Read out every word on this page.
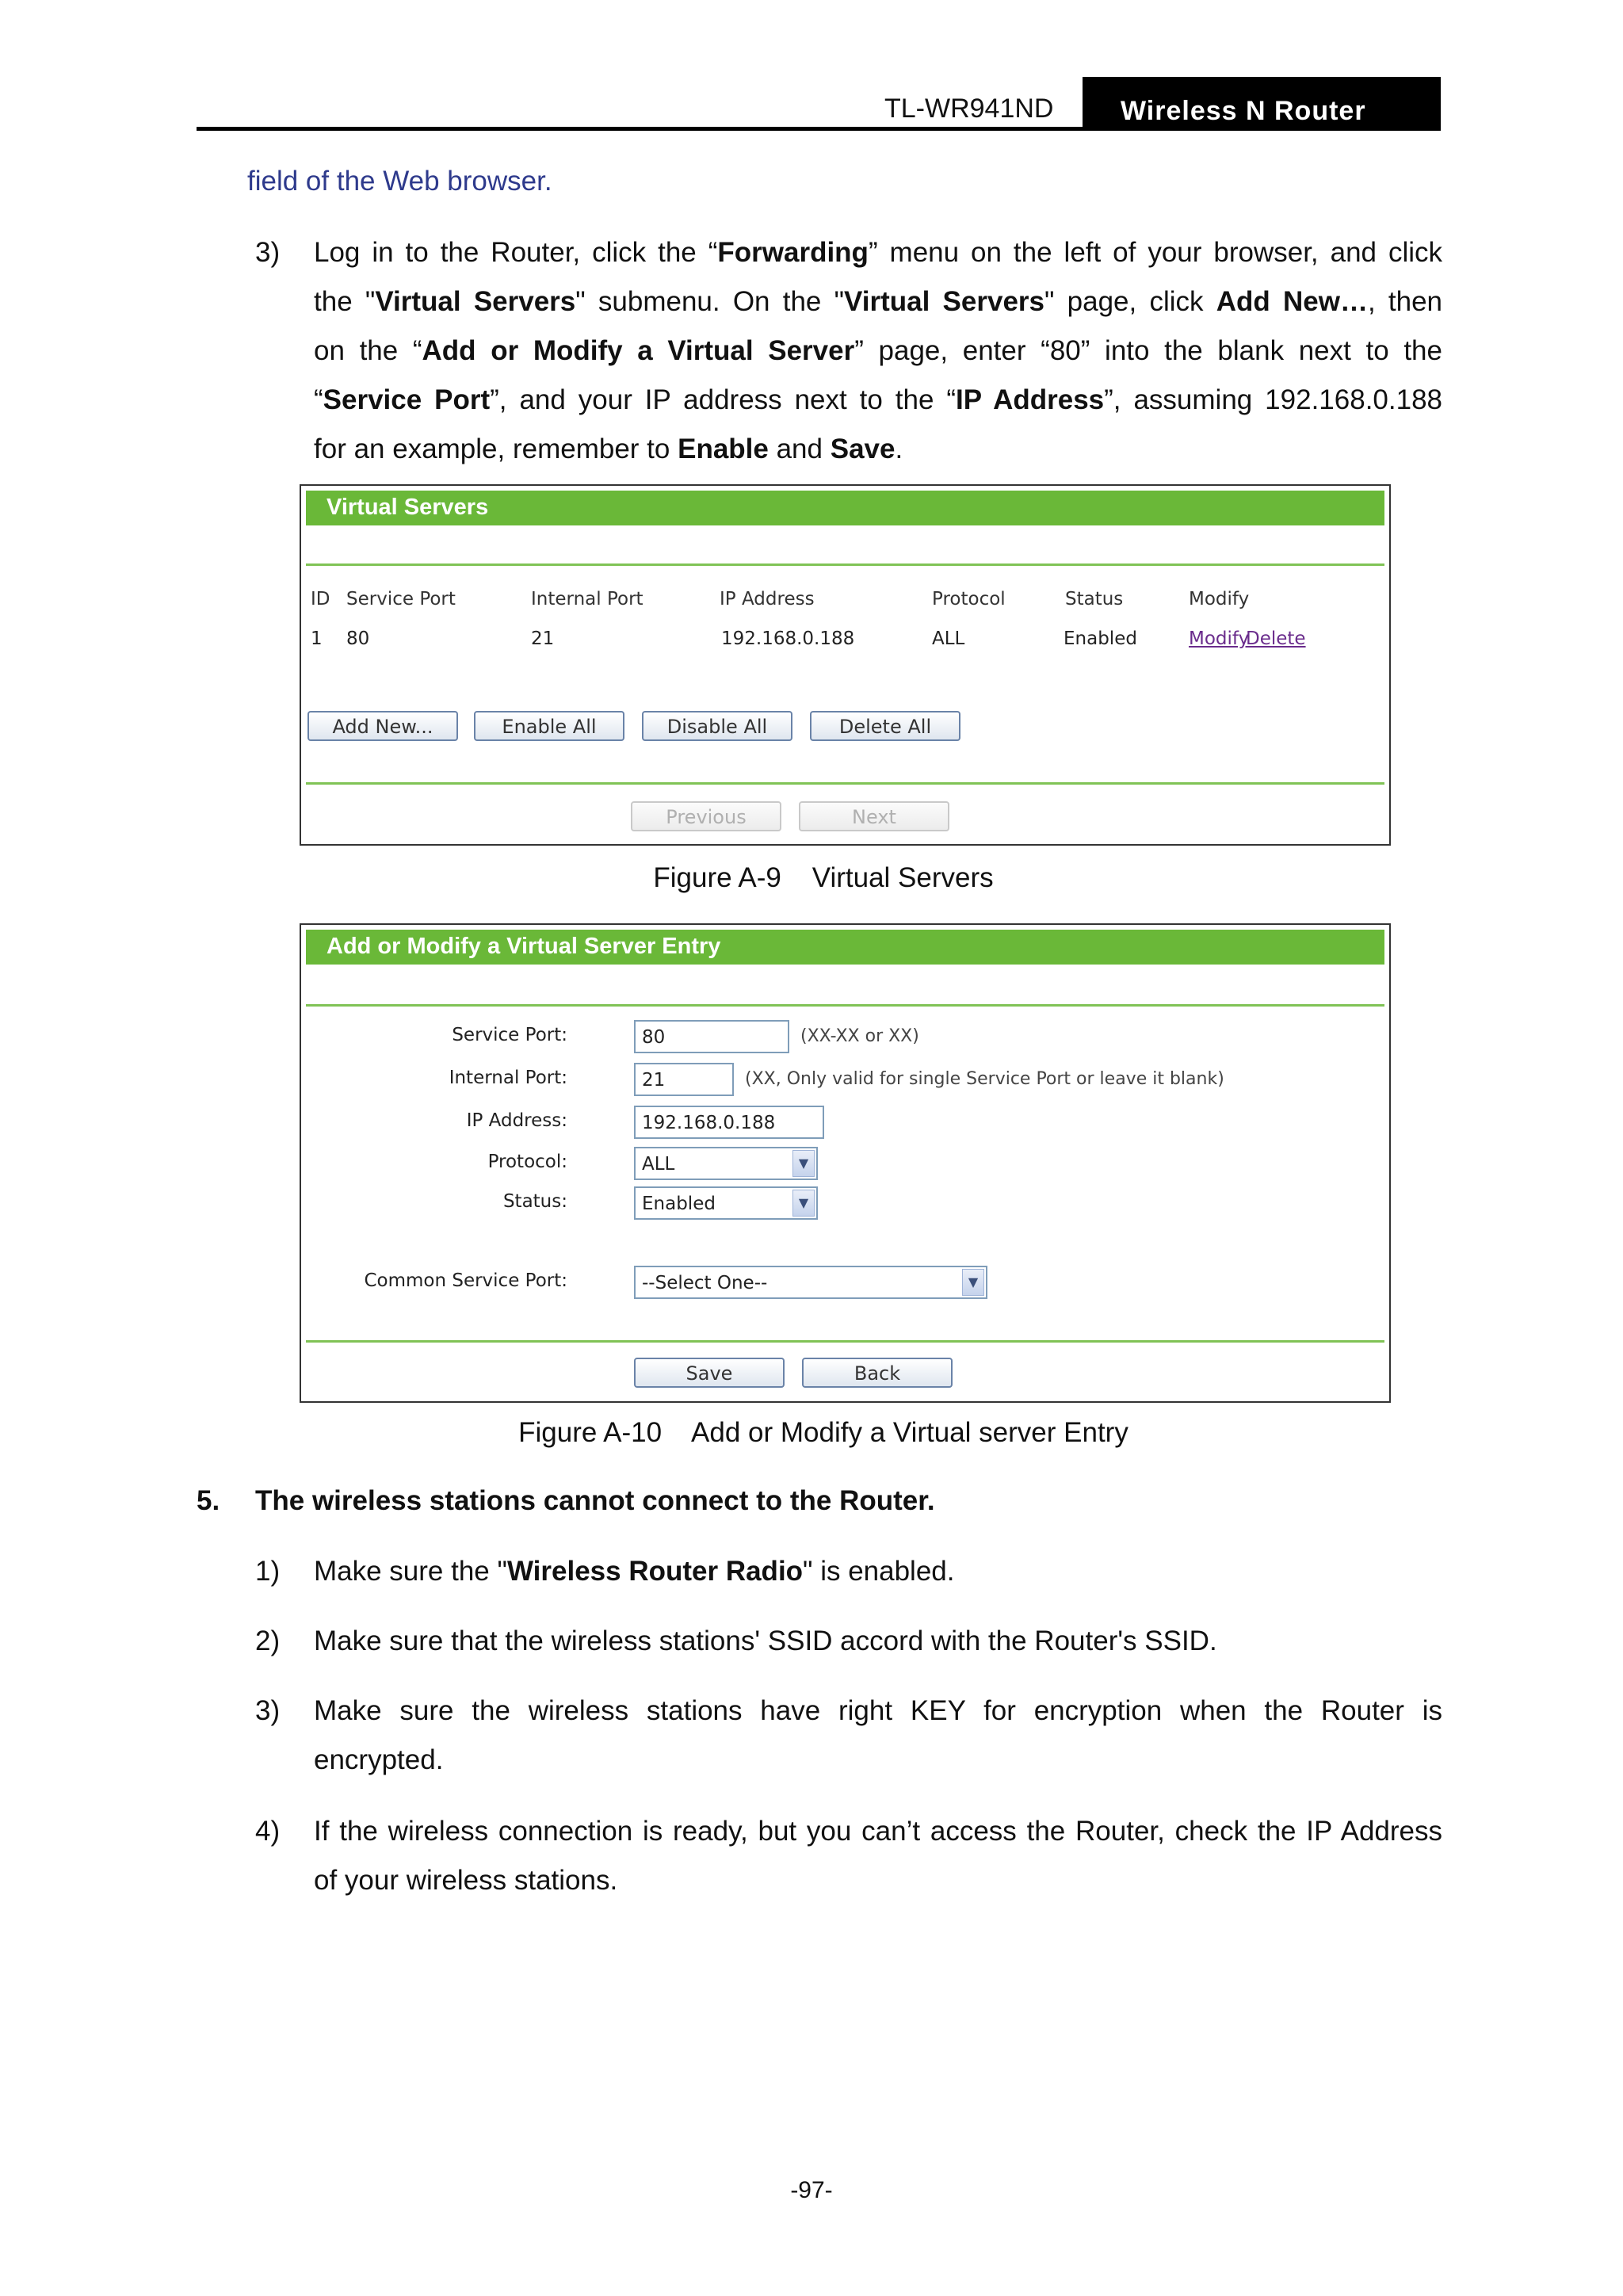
TL-WR941ND	Wireless N Router
field of the Web browser.
3) Log in to the Router, click the “Forwarding” menu on the left of your browser, and click
the "Virtual Servers" submenu. On the "Virtual Servers" page, click Add New…, then
on the “Add or Modify a Virtual Server” page, enter “80” into the blank next to the
“Service Port”, and your IP address next to the “IP Address”, assuming 192.168.0.188
for an example, remember to Enable and Save.
Virtual Servers
ID Service Port	Internal Port	IP Address	Protocol	Status	Modify
1 80	21	192.168.0.188	ALL	Enabled	Modify
Delete
Add New...	Enable All	Disable All	Delete All
Previous	Next
Figure A-9    Virtual Servers
Add or Modify a Virtual Server Entry
Service Port:	80	(XX-XX or XX)
Internal Port:	21	(XX, Only valid for single Service Port or leave it blank)
IP Address:	192.168.0.188
Protocol:	ALL	▼
Status:	Enabled	▼
Common Service Port:	--Select One--	▼
Save	Back
Figure A-10    Add or Modify a Virtual server Entry
5. The wireless stations cannot connect to the Router.
1) Make sure the "Wireless Router Radio" is enabled.
2) Make sure that the wireless stations' SSID accord with the Router's SSID.
3) Make sure the wireless stations have right KEY for encryption when the Router is
encrypted.
4) If the wireless connection is ready, but you can’t access the Router, check the IP Address
of your wireless stations.
-97-
